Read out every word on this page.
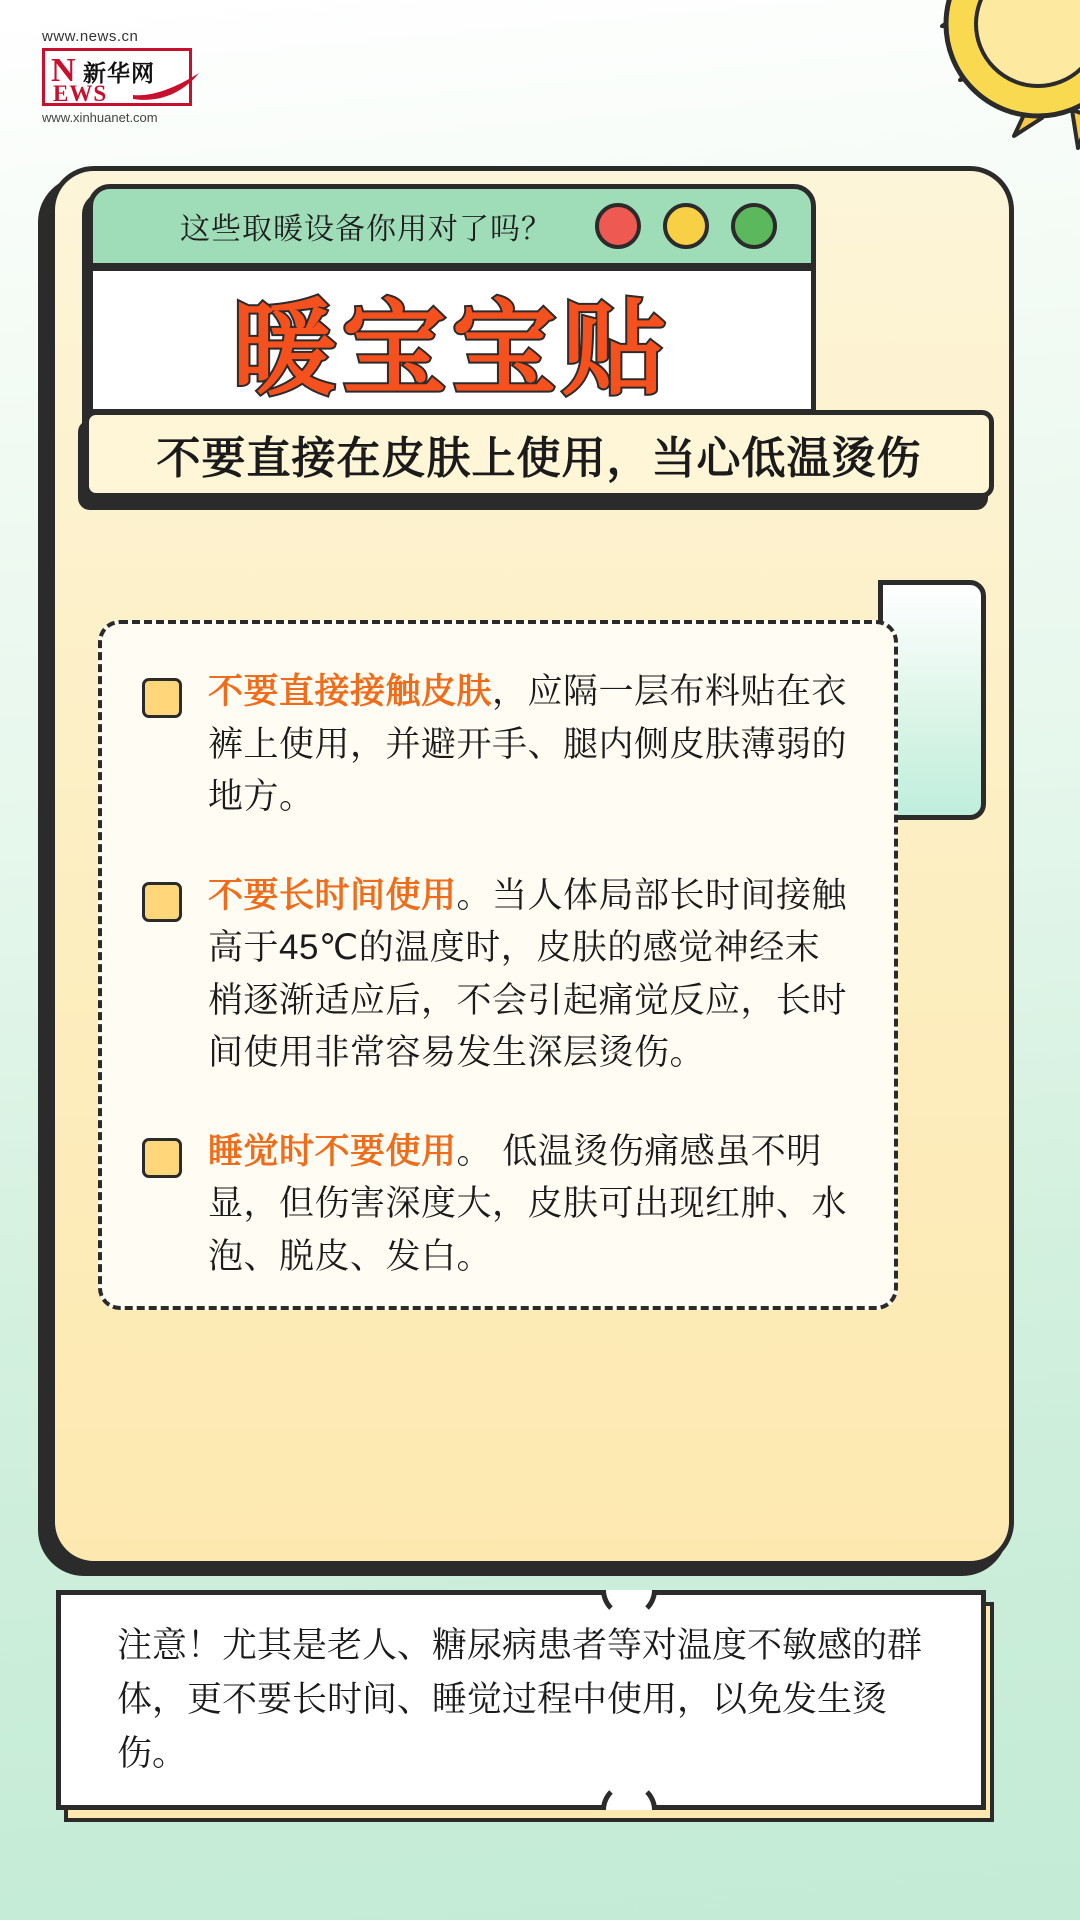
www.news.cn
N 新华网
EWS
www.xinhuanet.com
这些取暖设备你用对了吗？
暖宝宝贴
不要直接在皮肤上使用，当心低温烫伤
不要直接接触皮肤，应隔一层布料贴在衣裤上使用，并避开手、腿内侧皮肤薄弱的地方。
不要长时间使用。当人体局部长时间接触高于45℃的温度时，皮肤的感觉神经末梢逐渐适应后，不会引起痛觉反应，长时间使用非常容易发生深层烫伤。
睡觉时不要使用。 低温烫伤痛感虽不明显，但伤害深度大，皮肤可出现红肿、水泡、脱皮、发白。
注意！尤其是老人、糖尿病患者等对温度不敏感的群体，更不要长时间、睡觉过程中使用，以免发生烫伤。
